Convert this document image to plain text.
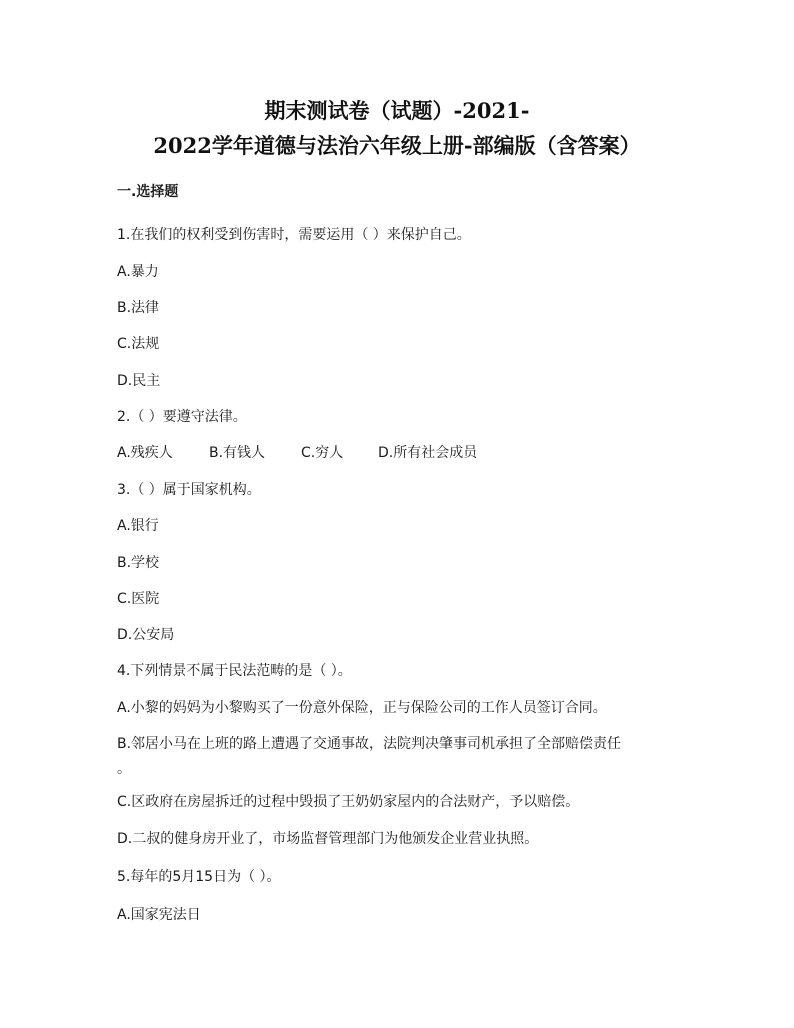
期末测试卷（试题）-2021-
2022学年道德与法治六年级上册-部编版（含答案）
一.选择题
1.在我们的权利受到伤害时，需要运用（ ）来保护自己。
A.暴力
B.法律
C.法规
D.民主
2.（ ）要遵守法律。
A.残疾人	B.有钱人	C.穷人 D.所有社会成员
3.（ ）属于国家机构。
A.银行
B.学校
C.医院
D.公安局
4.下列情景不属于民法范畴的是（ ）。
A.小黎的妈妈为小黎购买了一份意外保险，正与保险公司的工作人员签订合同。
B.邻居小马在上班的路上遭遇了交通事故，法院判决肇事司机承担了全部赔偿责任
。
C.区政府在房屋拆迁的过程中毁损了王奶奶家屋内的合法财产，予以赔偿。
D.二叔的健身房开业了，市场监督管理部门为他颁发企业营业执照。
5.每年的5月15日为（ ）。
A.国家宪法日
